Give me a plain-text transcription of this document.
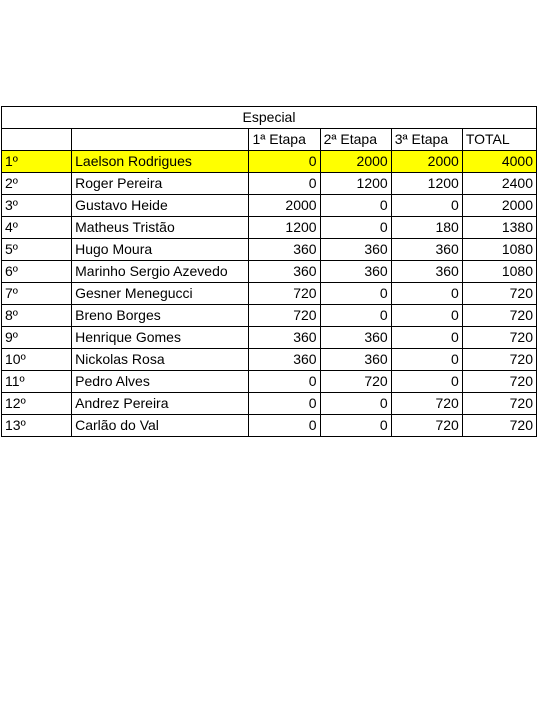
Especial					
		1ª Etapa	2ª Etapa	3ª Etapa	TOTAL
1º	Laelson Rodrigues	0	2000	2000	4000
2º	Roger Pereira	0	1200	1200	2400
3º	Gustavo Heide	2000	0	0	2000
4º	Matheus Tristão	1200	0	180	1380
5º	Hugo Moura	360	360	360	1080
6º	Marinho Sergio Azevedo	360	360	360	1080
7º	Gesner Menegucci	720	0	0	720
8º	Breno Borges	720	0	0	720
9º	Henrique Gomes	360	360	0	720
10º	Nickolas Rosa	360	360	0	720
11º	Pedro Alves	0	720	0	720
12º	Andrez Pereira	0	0	720	720
13º	Carlão do Val	0	0	720	720
